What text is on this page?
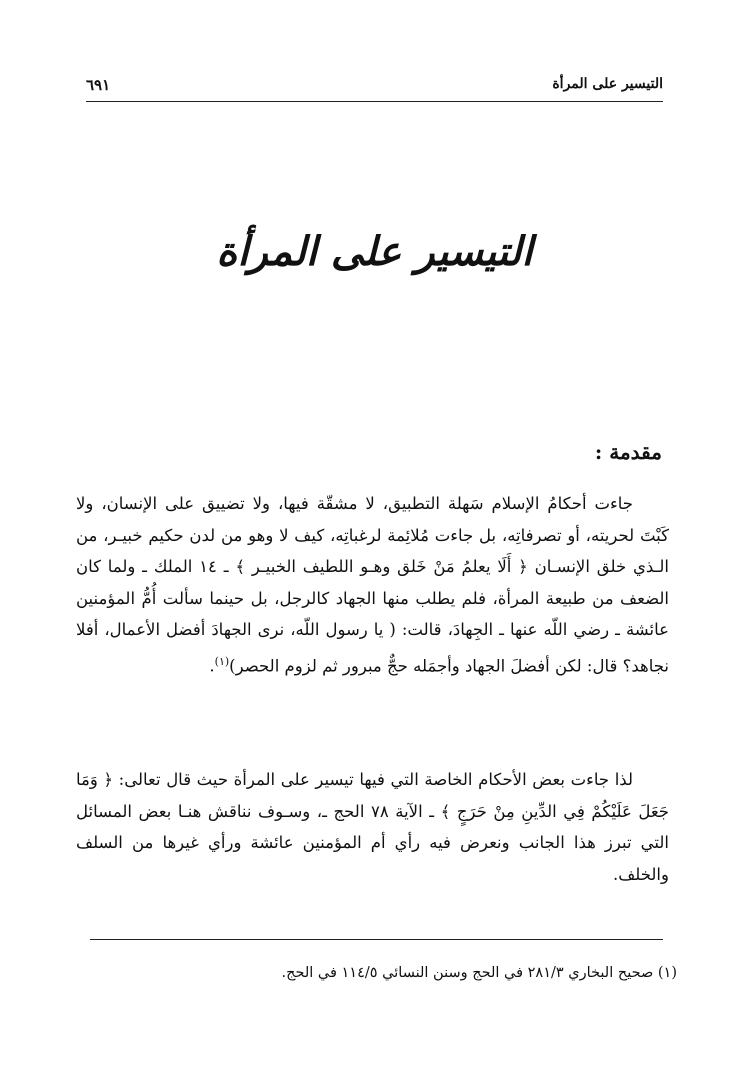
التيسير على المرأة
٦٩١
التيسير على المرأة
مقدمة :
جاءت أحكامُ الإسلام سَهلة التطبيق، لا مشقّة فيها، ولا تضييق على الإنسان، ولا كَبْتَ لحريته، أو تصرفاتِه، بل جاءت مُلائِمة لرغباتِه، كيف لا وهو من لدن حكيم خبيـر، من الـذي خلق الإنسـان ﴿ أَلَا يعلمُ مَنْ خَلق وهـو اللطيف الخبيـر ﴾ ـ ١٤ الملك ـ ولما كان الضعف من طبيعة المرأة، فلم يطلب منها الجهاد كالرجل، بل حينما سألت أُمُّ المؤمنين عائشة ـ رضي اللّه عنها ـ الجِهادَ، قالت: ( يا رسول اللّه، نرى الجهادَ أفضل الأعمال، أفلا نجاهد؟ قال: لكن أفضلَ الجهاد وأجمَله حجٌّ مبرور ثم لزوم الحصر)$^{(١)}$.
لذا جاءت بعض الأحكام الخاصة التي فيها تيسير على المرأة حيث قال تعالى: ﴿ وَمَا جَعَلَ عَلَيْكُمْ فِي الدِّينِ مِنْ حَرَجٍ ﴾ ـ الآية ٧٨ الحج ـ، وسـوف نناقش هنـا بعض المسائل التي تبرز هذا الجانب ونعرض فيه رأي أم المؤمنين عائشة ورأي غيرها من السلف والخلف.
(١) صحيح البخاري ٢٨١/٣ في الحج وسنن النسائي ١١٤/٥ في الحج.
